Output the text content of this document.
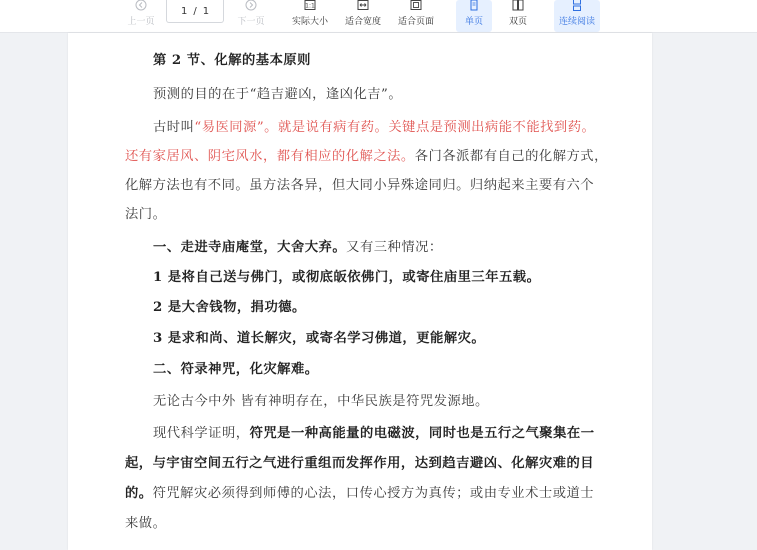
上一页
1 / 1
下一页
1:1
实际大小 适合宽度 适合页面	单页	双页	连续阅读
第 2 节、化解的基本原则
预测的目的在于“趋吉避凶，逢凶化吉”。
古时叫“易医同源”。就是说有病有药。关键点是预测出病能不能找到药。
还有家居风、阴宅风水，都有相应的化解之法。各门各派都有自己的化解方式，
化解方法也有不同。虽方法各异，但大同小异殊途同归。归纳起来主要有六个
法门。
一、走进寺庙庵堂，大舍大弃。又有三种情况：
1 是将自己送与佛门，或彻底皈依佛门，或寄住庙里三年五载。
2 是大舍钱物，捐功德。
3 是求和尚、道长解灾，或寄名学习佛道，更能解灾。
二、符录神咒，化灾解难。
无论古今中外 皆有神明存在，中华民族是符咒发源地。
现代科学证明，符咒是一种高能量的电磁波，同时也是五行之气聚集在一
起，与宇宙空间五行之气进行重组而发挥作用，达到趋吉避凶、化解灾难的目
的。符咒解灾必须得到师傅的心法，口传心授方为真传；或由专业术士或道士
来做。
